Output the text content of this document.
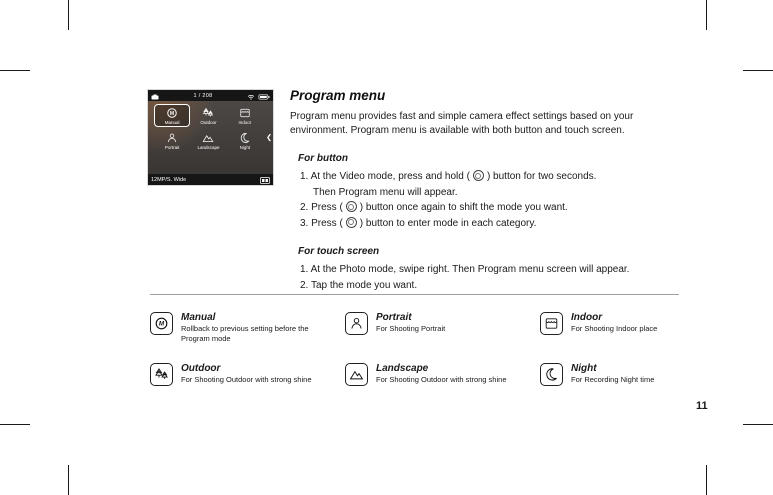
1 / 208
M
Manual	Outdoor	Indoor
Portrait	Landscape	Night
❮
12MP/S. Wide
Program menu

Program menu provides fast and simple camera effect settings based on your
environment. Program menu is available with both button and touch screen.

For button
1. At the Video mode, press and hold ( ) button for two seconds.
Then Program menu will appear.
2. Press ( ) button once again to shift the mode you want.
3. Press ( ) button to enter mode in each category.
For touch screen
1. At the Photo mode, swipe right. Then Program menu screen will appear.
2. Tap the mode you want.
M
Manual
Rollback to previous setting before the Program mode
Portrait
For Shooting Portrait
Indoor
For Shooting Indoor place
Outdoor
For Shooting Outdoor with strong shine
Landscape
For Shooting Outdoor with strong shine
Night
For Recording Night time
11
